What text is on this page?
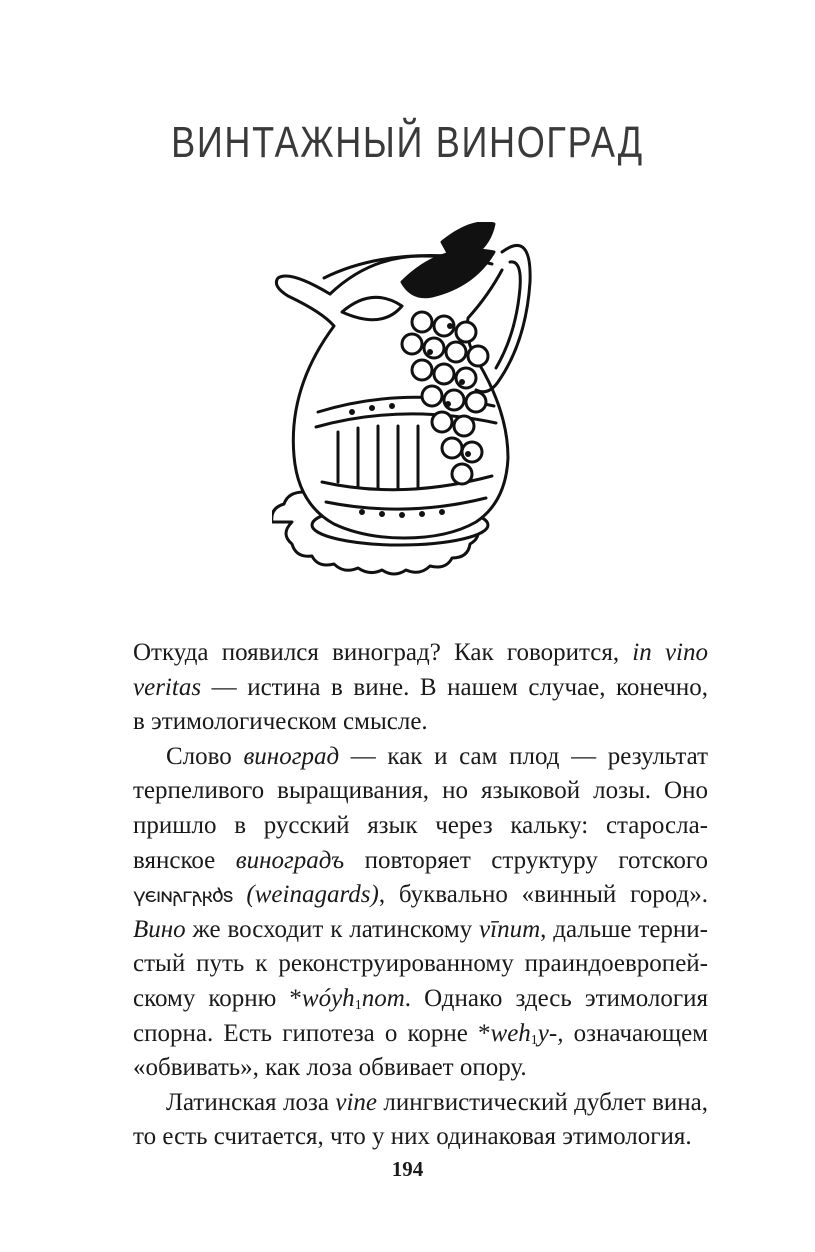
ВИНТАЖНЫЙ ВИНОГРАД

Откуда появился виноград? Как говорится, in vino
veritas — истина в вине. В нашем случае, конечно,
в этимологическом смысле.

Слово виноград — как и сам плод — результат
терпеливого выращивания, но языковой лозы. Оно
пришло в русский язык через кальку: старосла-
вянское виноградъ повторяет структуру готского
𐍅𐌴𐌹𐌽𐌰𐌲𐌰𐍂𐌳𐍃 (weinagards), буквально «винный город».
Вино же восходит к латинскому vīnum, дальше терни-
стый путь к реконструированному праиндоевропей-
скому корню *wóyh$_1$nom. Однако здесь этимология
спорна. Есть гипотеза о корне *weh$_1$y-, означающем
«обвивать», как лоза обвивает опору.

Латинская лоза vine лингвистический дублет вина,
то есть считается, что у них одинаковая этимология.

194
